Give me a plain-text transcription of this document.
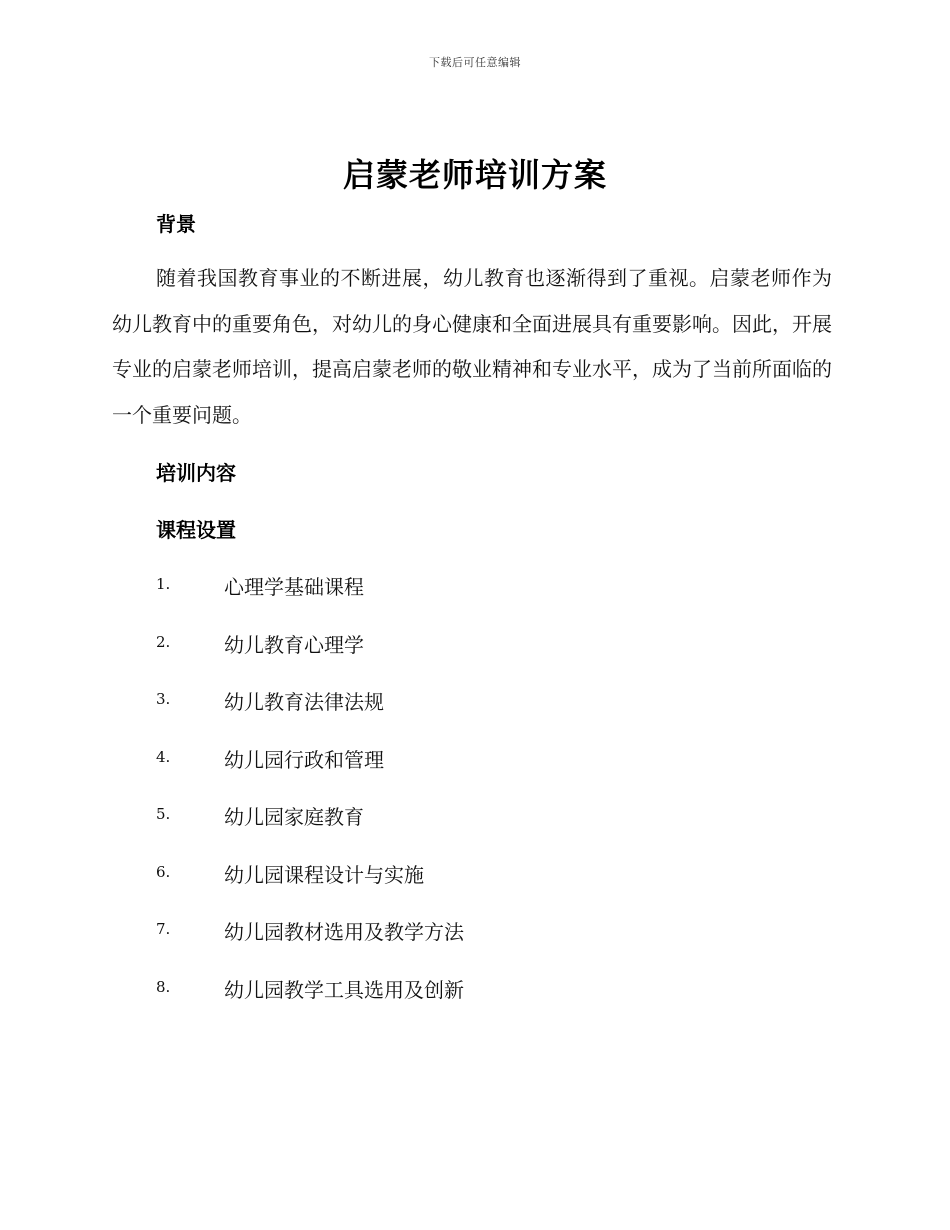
下载后可任意编辑
启蒙老师培训方案
背景

随着我国教育事业的不断进展，幼儿教育也逐渐得到了重视。启蒙老师作为幼儿教育中的重要角色，对幼儿的身心健康和全面进展具有重要影响。因此，开展专业的启蒙老师培训，提高启蒙老师的敬业精神和专业水平，成为了当前所面临的一个重要问题。

培训内容
课程设置
1.	心理学基础课程
2.	幼儿教育心理学
3.	幼儿教育法律法规
4.	幼儿园行政和管理
5.	幼儿园家庭教育
6.	幼儿园课程设计与实施
7.	幼儿园教材选用及教学方法
8.	幼儿园教学工具选用及创新
